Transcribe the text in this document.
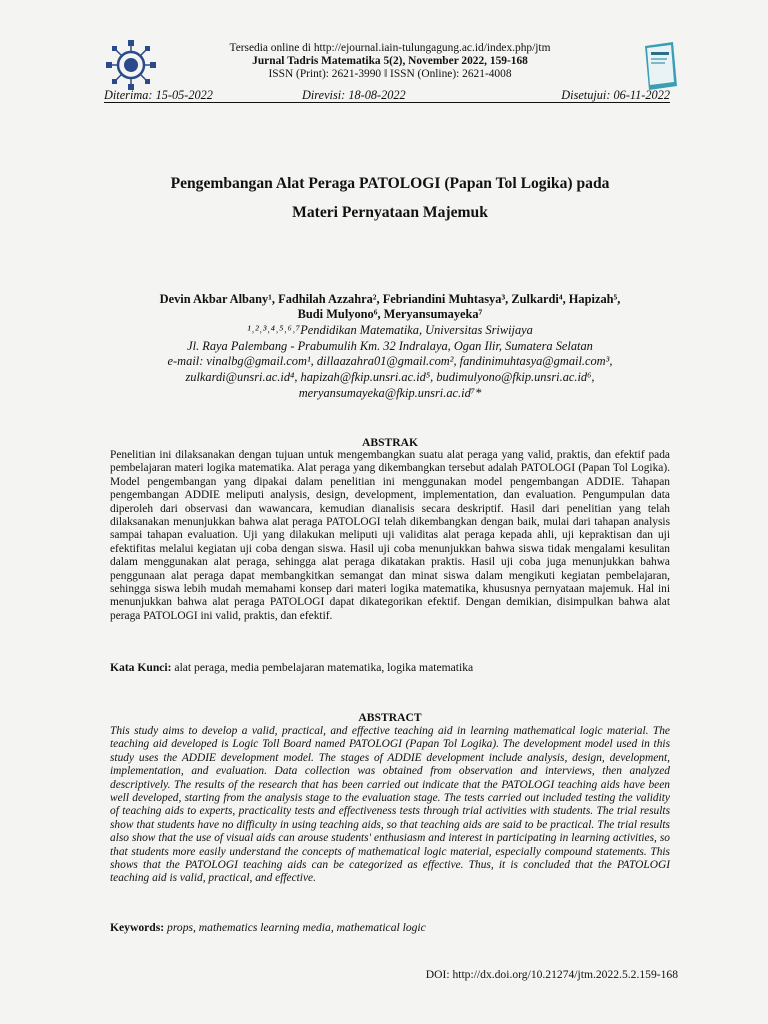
Tersedia online di http://ejournal.iain-tulungagung.ac.id/index.php/jtm
Jurnal Tadris Matematika 5(2), November 2022, 159-168
ISSN (Print): 2621-3990 ǁ ISSN (Online): 2621-4008
Diterima: 15-05-2022	Direvisi: 18-08-2022	Disetujui: 06-11-2022
Pengembangan Alat Peraga PATOLOGI (Papan Tol Logika) pada
Materi Pernyataan Majemuk
Devin Akbar Albany¹, Fadhilah Azzahra², Febriandini Muhtasya³, Zulkardi⁴, Hapizah⁵,
Budi Mulyono⁶, Meryansumayeka⁷
¹˒²˒³˒⁴˒⁵˒⁶˒⁷Pendidikan Matematika, Universitas Sriwijaya
Jl. Raya Palembang - Prabumulih Km. 32 Indralaya, Ogan Ilir, Sumatera Selatan
e-mail: vinalbg@gmail.com¹, dillaazahra01@gmail.com², fandinimuhtasya@gmail.com³,
zulkardi@unsri.ac.id⁴, hapizah@fkip.unsri.ac.id⁵, budimulyono@fkip.unsri.ac.id⁶,
meryansumayeka@fkip.unsri.ac.id⁷*
ABSTRAK

Penelitian ini dilaksanakan dengan tujuan untuk mengembangkan suatu alat peraga yang valid, praktis, dan efektif pada pembelajaran materi logika matematika. Alat peraga yang dikembangkan tersebut adalah PATOLOGI (Papan Tol Logika). Model pengembangan yang dipakai dalam penelitian ini menggunakan model pengembangan ADDIE. Tahapan pengembangan ADDIE meliputi analysis, design, development, implementation, dan evaluation. Pengumpulan data diperoleh dari observasi dan wawancara, kemudian dianalisis secara deskriptif. Hasil dari penelitian yang telah dilaksanakan menunjukkan bahwa alat peraga PATOLOGI telah dikembangkan dengan baik, mulai dari tahapan analysis sampai tahapan evaluation. Uji yang dilakukan meliputi uji validitas alat peraga kepada ahli, uji kepraktisan dan uji efektifitas melalui kegiatan uji coba dengan siswa. Hasil uji coba menunjukkan bahwa siswa tidak mengalami kesulitan dalam menggunakan alat peraga, sehingga alat peraga dikatakan praktis. Hasil uji coba juga menunjukkan bahwa penggunaan alat peraga dapat membangkitkan semangat dan minat siswa dalam mengikuti kegiatan pembelajaran, sehingga siswa lebih mudah memahami konsep dari materi logika matematika, khususnya pernyataan majemuk. Hal ini menunjukkan bahwa alat peraga PATOLOGI dapat dikategorikan efektif. Dengan demikian, disimpulkan bahwa alat peraga PATOLOGI ini valid, praktis, dan efektif.

Kata Kunci: alat peraga, media pembelajaran matematika, logika matematika
ABSTRACT

This study aims to develop a valid, practical, and effective teaching aid in learning mathematical logic material. The teaching aid developed is Logic Toll Board named PATOLOGI (Papan Tol Logika). The development model used in this study uses the ADDIE development model. The stages of ADDIE development include analysis, design, development, implementation, and evaluation. Data collection was obtained from observation and interviews, then analyzed descriptively. The results of the research that has been carried out indicate that the PATOLOGI teaching aids have been well developed, starting from the analysis stage to the evaluation stage. The tests carried out included testing the validity of teaching aids to experts, practicality tests and effectiveness tests through trial activities with students. The trial results show that students have no difficulty in using teaching aids, so that teaching aids are said to be practical. The trial results also show that the use of visual aids can arouse students' enthusiasm and interest in participating in learning activities, so that students more easily understand the concepts of mathematical logic material, especially compound statements. This shows that the PATOLOGI teaching aids can be categorized as effective. Thus, it is concluded that the PATOLOGI teaching aid is valid, practical, and effective.

Keywords: props, mathematics learning media, mathematical logic
DOI: http://dx.doi.org/10.21274/jtm.2022.5.2.159-168
